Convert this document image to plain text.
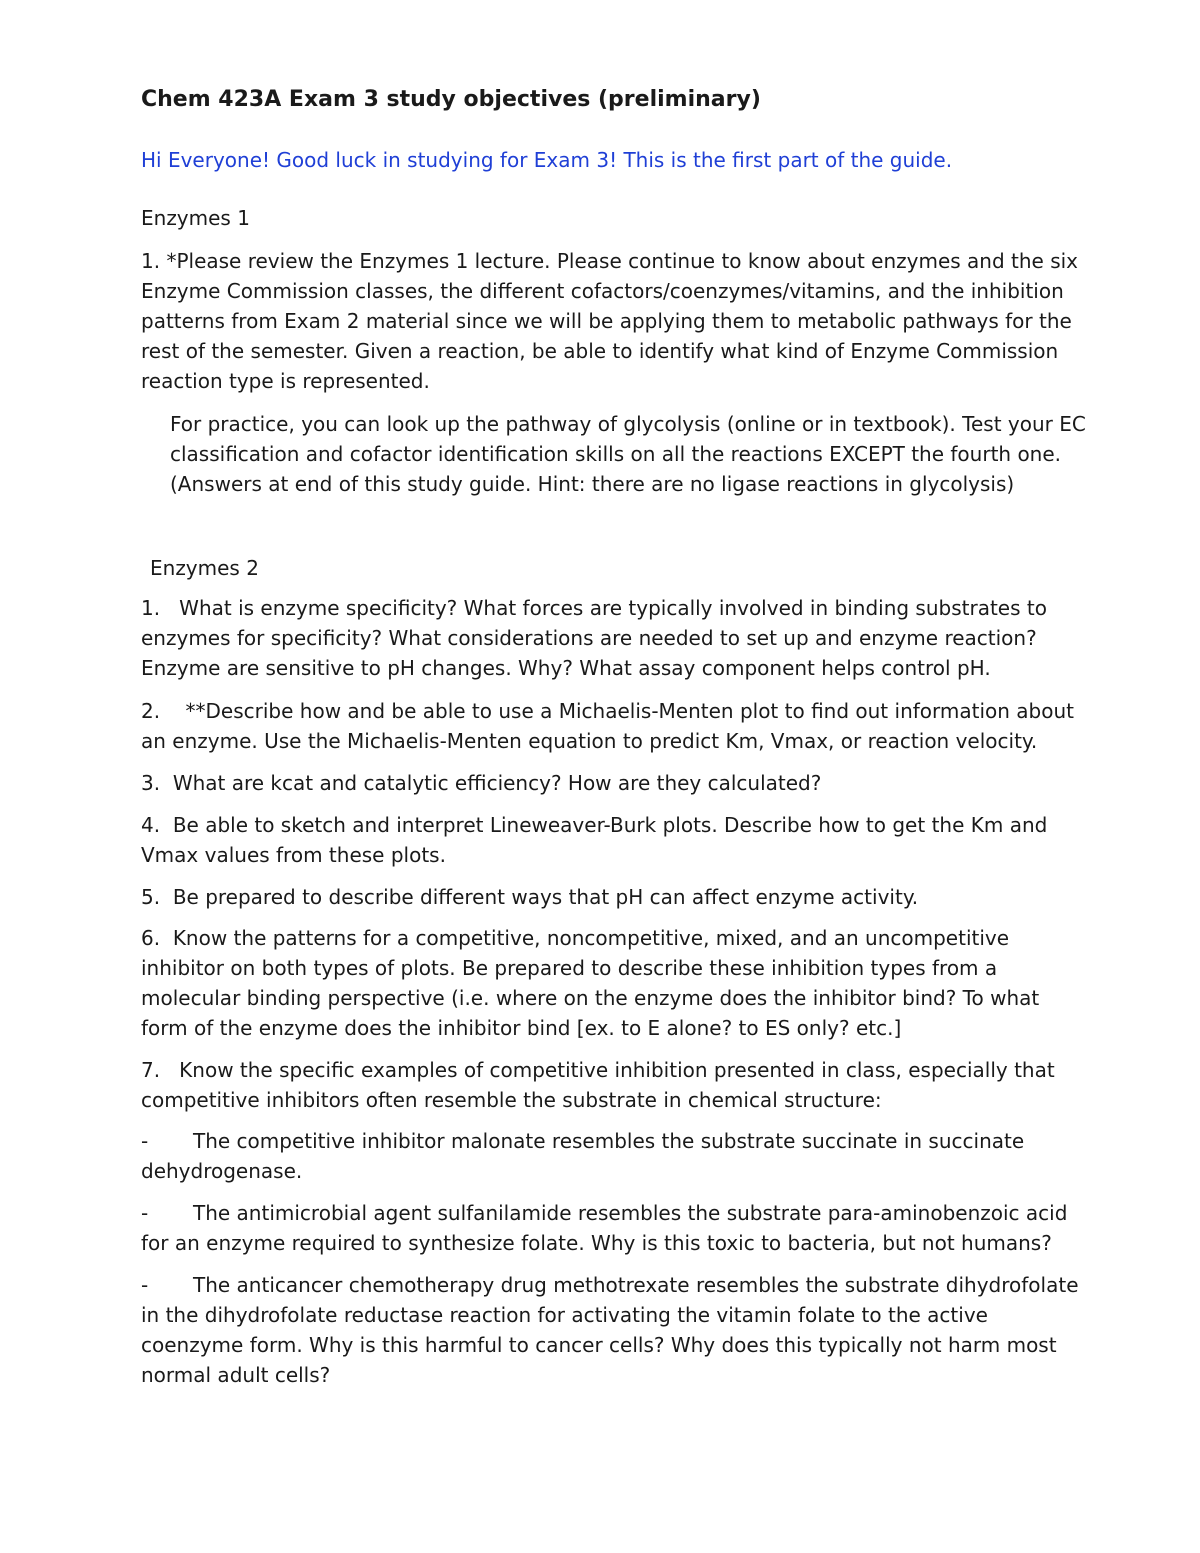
Chem 423A Exam 3 study objectives (preliminary)

Hi Everyone! Good luck in studying for Exam 3! This is the first part of the guide.

Enzymes 1

1. *Please review the Enzymes 1 lecture. Please continue to know about enzymes and the six Enzyme Commission classes, the different cofactors/coenzymes/vitamins, and the inhibition patterns from Exam 2 material since we will be applying them to metabolic pathways for the rest of the semester. Given a reaction, be able to identify what kind of Enzyme Commission reaction type is represented.

For practice, you can look up the pathway of glycolysis (online or in textbook). Test your EC classification and cofactor identification skills on all the reactions EXCEPT the fourth one. (Answers at end of this study guide. Hint: there are no ligase reactions in glycolysis)

Enzymes 2

1. What is enzyme specificity? What forces are typically involved in binding substrates to enzymes for specificity? What considerations are needed to set up and enzyme reaction? Enzyme are sensitive to pH changes. Why? What assay component helps control pH.

2. **Describe how and be able to use a Michaelis-Menten plot to find out information about an enzyme. Use the Michaelis-Menten equation to predict Km, Vmax, or reaction velocity.

3. What are kcat and catalytic efficiency? How are they calculated?

4. Be able to sketch and interpret Lineweaver-Burk plots. Describe how to get the Km and Vmax values from these plots.

5. Be prepared to describe different ways that pH can affect enzyme activity.

6. Know the patterns for a competitive, noncompetitive, mixed, and an uncompetitive inhibitor on both types of plots. Be prepared to describe these inhibition types from a molecular binding perspective (i.e. where on the enzyme does the inhibitor bind? To what form of the enzyme does the inhibitor bind [ex. to E alone? to ES only? etc.]

7. Know the specific examples of competitive inhibition presented in class, especially that competitive inhibitors often resemble the substrate in chemical structure:

- The competitive inhibitor malonate resembles the substrate succinate in succinate dehydrogenase.

- The antimicrobial agent sulfanilamide resembles the substrate para-aminobenzoic acid for an enzyme required to synthesize folate. Why is this toxic to bacteria, but not humans?

- The anticancer chemotherapy drug methotrexate resembles the substrate dihydrofolate in the dihydrofolate reductase reaction for activating the vitamin folate to the active coenzyme form. Why is this harmful to cancer cells? Why does this typically not harm most normal adult cells?
